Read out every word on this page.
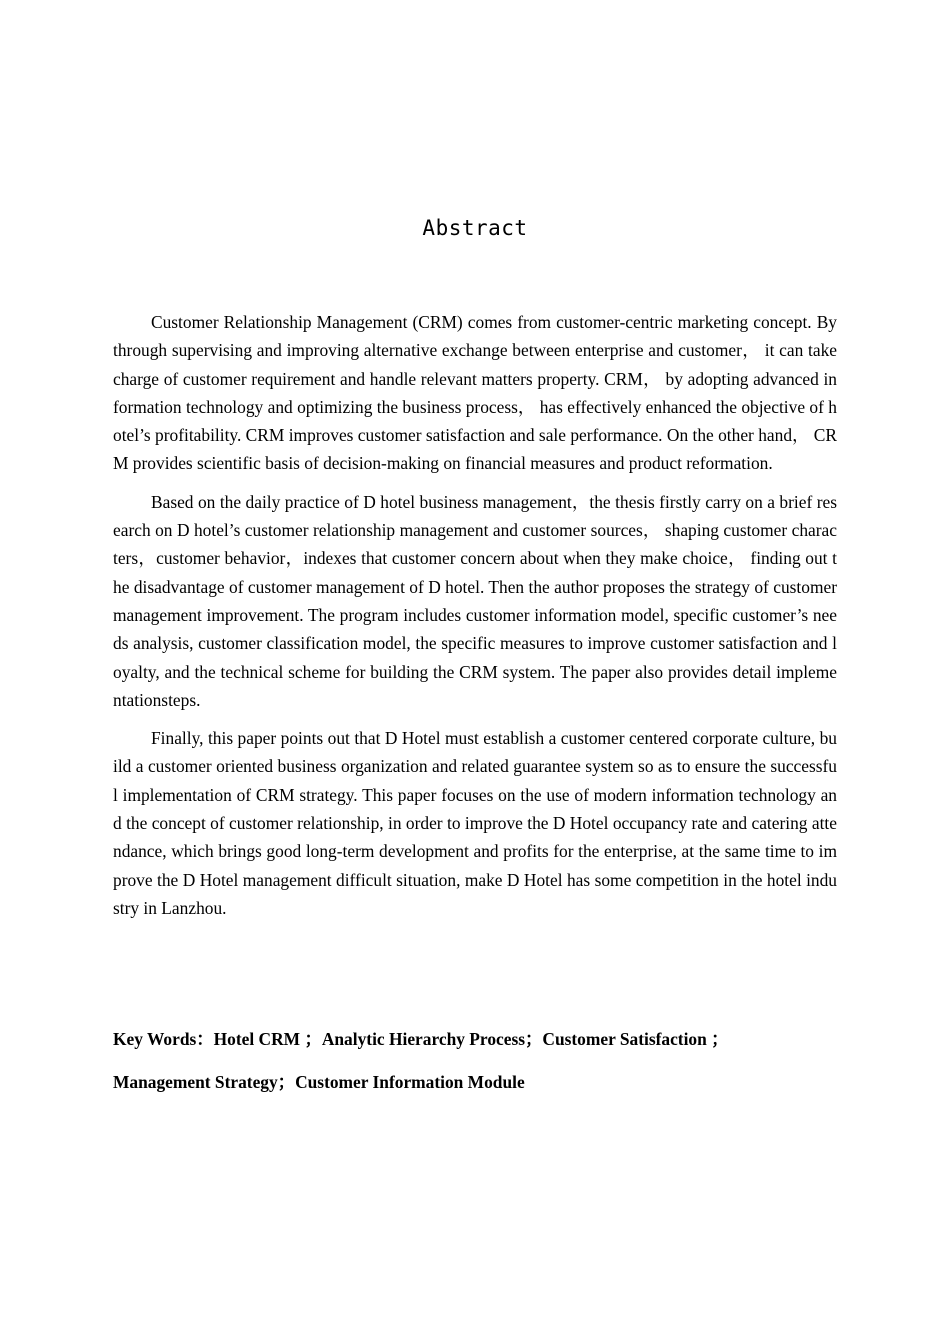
Abstract

Customer Relationship Management (CRM) comes from customer-centric marketing concept. By through supervising and improving alternative exchange between enterprise and customer， it can take charge of customer requirement and handle relevant matters property. CRM， by adopting advanced information technology and optimizing the business process， has effectively enhanced the objective of hotel’s profitability. CRM improves customer satisfaction and sale performance. On the other hand， CRM provides scientific basis of decision-making on financial measures and product reformation.

Based on the daily practice of D hotel business management，the thesis firstly carry on a brief research on D hotel’s customer relationship management and customer sources， shaping customer characters，customer behavior，indexes that customer concern about when they make choice， finding out the disadvantage of customer management of D hotel. Then the author proposes the strategy of customer management improvement. The program includes customer information model, specific customer’s needs analysis, customer classification model, the specific measures to improve customer satisfaction and loyalty, and the technical scheme for building the CRM system. The paper also provides detail implementationsteps.

Finally, this paper points out that D Hotel must establish a customer centered corporate culture, build a customer oriented business organization and related guarantee system so as to ensure the successful implementation of CRM strategy. This paper focuses on the use of modern information technology and the concept of customer relationship, in order to improve the D Hotel occupancy rate and catering attendance, which brings good long-term development and profits for the enterprise, at the same time to improve the D Hotel management difficult situation, make D Hotel has some competition in the hotel industry in Lanzhou.

Key Words：Hotel CRM ；Analytic Hierarchy Process；Customer Satisfaction ；
Management Strategy；Customer Information Module
